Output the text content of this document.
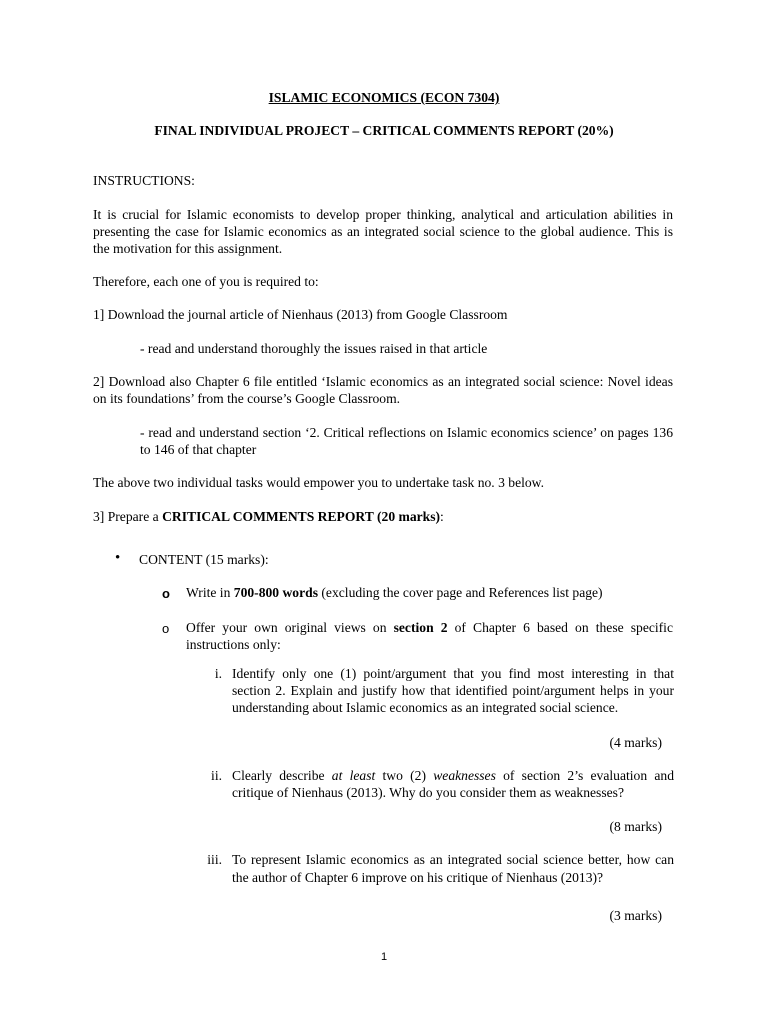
ISLAMIC ECONOMICS (ECON 7304)
FINAL INDIVIDUAL PROJECT – CRITICAL COMMENTS REPORT (20%)
INSTRUCTIONS:
It is crucial for Islamic economists to develop proper thinking, analytical and articulation abilities in presenting the case for Islamic economics as an integrated social science to the global audience. This is the motivation for this assignment.
Therefore, each one of you is required to:
1] Download the journal article of Nienhaus (2013) from Google Classroom
- read and understand thoroughly the issues raised in that article
2] Download also Chapter 6 file entitled ‘Islamic economics as an integrated social science: Novel ideas on its foundations’ from the course’s Google Classroom.
- read and understand section ‘2. Critical reflections on Islamic economics science’ on pages 136 to 146 of that chapter
The above two individual tasks would empower you to undertake task no. 3 below.
3] Prepare a CRITICAL COMMENTS REPORT (20 marks):
• CONTENT (15 marks):
o Write in 700-800 words (excluding the cover page and References list page)
o Offer your own original views on section 2 of Chapter 6 based on these specific instructions only:
i. Identify only one (1) point/argument that you find most interesting in that section 2. Explain and justify how that identified point/argument helps in your understanding about Islamic economics as an integrated social science.
(4 marks)
ii. Clearly describe at least two (2) weaknesses of section 2’s evaluation and critique of Nienhaus (2013). Why do you consider them as weaknesses?
(8 marks)
iii. To represent Islamic economics as an integrated social science better, how can the author of Chapter 6 improve on his critique of Nienhaus (2013)?
(3 marks)
1
